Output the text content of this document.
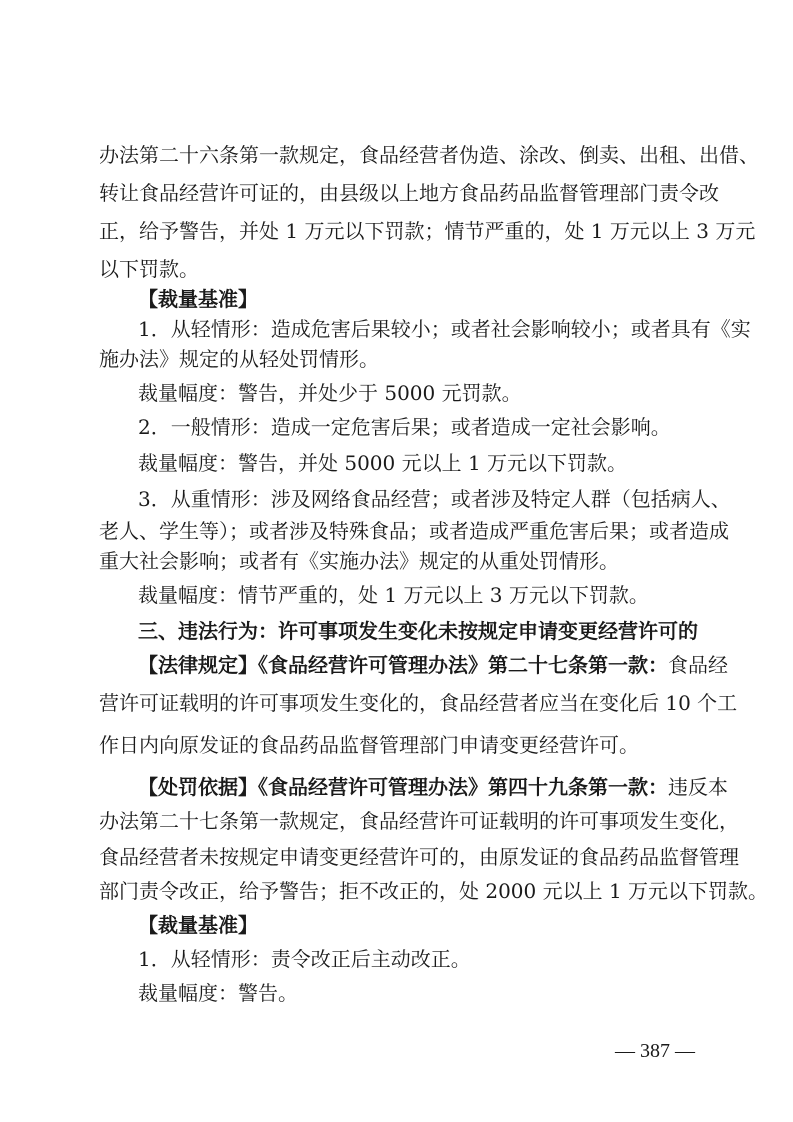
办法第二十六条第一款规定，食品经营者伪造、涂改、倒卖、出租、出借、
转让食品经营许可证的，由县级以上地方食品药品监督管理部门责令改
正，给予警告，并处 1 万元以下罚款；情节严重的，处 1 万元以上 3 万元
以下罚款。
【裁量基准】
1．从轻情形：造成危害后果较小；或者社会影响较小；或者具有《实
施办法》规定的从轻处罚情形。
裁量幅度：警告，并处少于 5000 元罚款。
2．一般情形：造成一定危害后果；或者造成一定社会影响。
裁量幅度：警告，并处 5000 元以上 1 万元以下罚款。
3．从重情形：涉及网络食品经营；或者涉及特定人群（包括病人、
老人、学生等）；或者涉及特殊食品；或者造成严重危害后果；或者造成
重大社会影响；或者有《实施办法》规定的从重处罚情形。
裁量幅度：情节严重的，处 1 万元以上 3 万元以下罚款。
三、违法行为：许可事项发生变化未按规定申请变更经营许可的
【法律规定】《食品经营许可管理办法》第二十七条第一款：食品经
营许可证载明的许可事项发生变化的，食品经营者应当在变化后 10 个工
作日内向原发证的食品药品监督管理部门申请变更经营许可。
【处罚依据】《食品经营许可管理办法》第四十九条第一款：违反本
办法第二十七条第一款规定，食品经营许可证载明的许可事项发生变化，
食品经营者未按规定申请变更经营许可的，由原发证的食品药品监督管理
部门责令改正，给予警告；拒不改正的，处 2000 元以上 1 万元以下罚款。
【裁量基准】
1．从轻情形：责令改正后主动改正。
裁量幅度：警告。
— 387 —
